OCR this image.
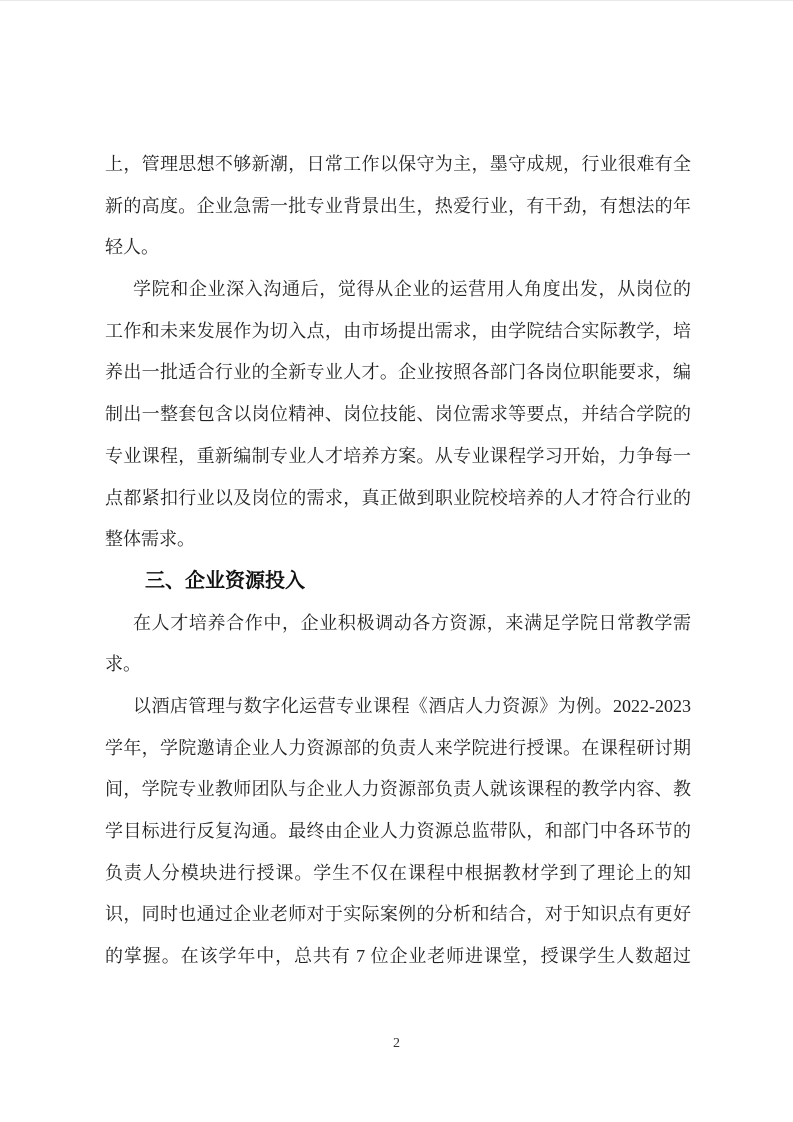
上，管理思想不够新潮，日常工作以保守为主，墨守成规，行业很难有全
新的高度。企业急需一批专业背景出生，热爱行业，有干劲，有想法的年
轻人。
学院和企业深入沟通后，觉得从企业的运营用人角度出发，从岗位的
工作和未来发展作为切入点，由市场提出需求，由学院结合实际教学，培
养出一批适合行业的全新专业人才。企业按照各部门各岗位职能要求，编
制出一整套包含以岗位精神、岗位技能、岗位需求等要点，并结合学院的
专业课程，重新编制专业人才培养方案。从专业课程学习开始，力争每一
点都紧扣行业以及岗位的需求，真正做到职业院校培养的人才符合行业的
整体需求。
三、企业资源投入
在人才培养合作中，企业积极调动各方资源，来满足学院日常教学需
求。
以酒店管理与数字化运营专业课程《酒店人力资源》为例。2022-2023
学年，学院邀请企业人力资源部的负责人来学院进行授课。在课程研讨期
间，学院专业教师团队与企业人力资源部负责人就该课程的教学内容、教
学目标进行反复沟通。最终由企业人力资源总监带队，和部门中各环节的
负责人分模块进行授课。学生不仅在课程中根据教材学到了理论上的知
识，同时也通过企业老师对于实际案例的分析和结合，对于知识点有更好
的掌握。在该学年中，总共有 7 位企业老师进课堂，授课学生人数超过
2
